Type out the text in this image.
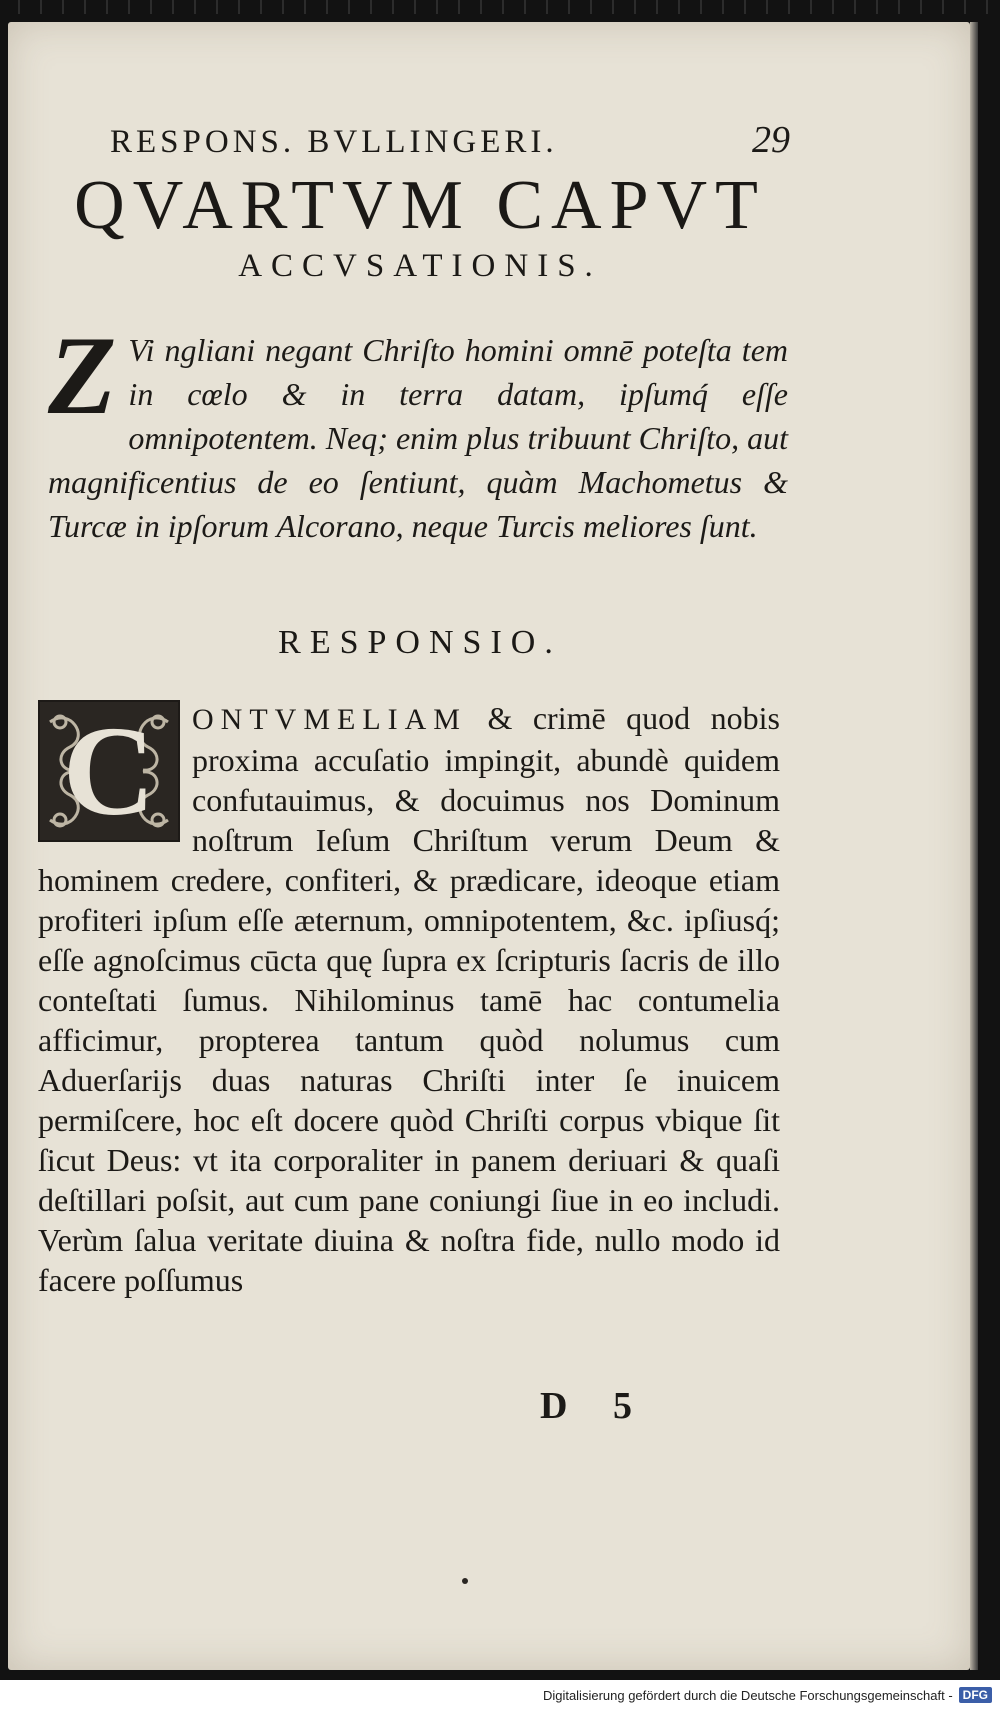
RESPONS. BVLLINGERI.	29
QVARTVM CAPVT
ACCVSATIONIS.
Z Vi ngliani negant Chriſto homini omnē poteſta tem in cœlo & in terra datam, ipſumq́ eſſe omnipotentem. Neq; enim plus tribuunt Chriſto, aut magnificentius de eo ſentiunt, quàm Machometus & Turcæ in ipſorum Alcorano, neque Turcis meliores ſunt.

RESPONSIO.
C	ONTVMELIAM & crimē quod nobis proxima accuſatio impingit, abundè quidem confutauimus, & docuimus nos Dominum noſtrum Ieſum Chriſtum verum Deum & hominem credere, confiteri, & prædicare, ideoque etiam profiteri ipſum eſſe æternum, omnipotentem, &c. ipſiusq́; eſſe agnoſcimus cūcta quę ſupra ex ſcripturis ſacris de illo conteſtati ſumus. Nihilominus tamē hac contumelia afficimur, propterea tantum quòd nolumus cum Aduerſarijs duas naturas Chriſti inter ſe inuicem permiſcere, hoc eſt docere quòd Chriſti corpus vbique ſit ſicut Deus: vt ita corporaliter in panem deriuari & quaſi deſtillari poſsit, aut cum pane coniungi ſiue in eo includi. Verùm ſalua veritate diuina & noſtra fide, nullo modo id facere poſſumus

D 5
Digitalisierung gefördert durch die Deutsche Forschungsgemeinschaft - DFG
